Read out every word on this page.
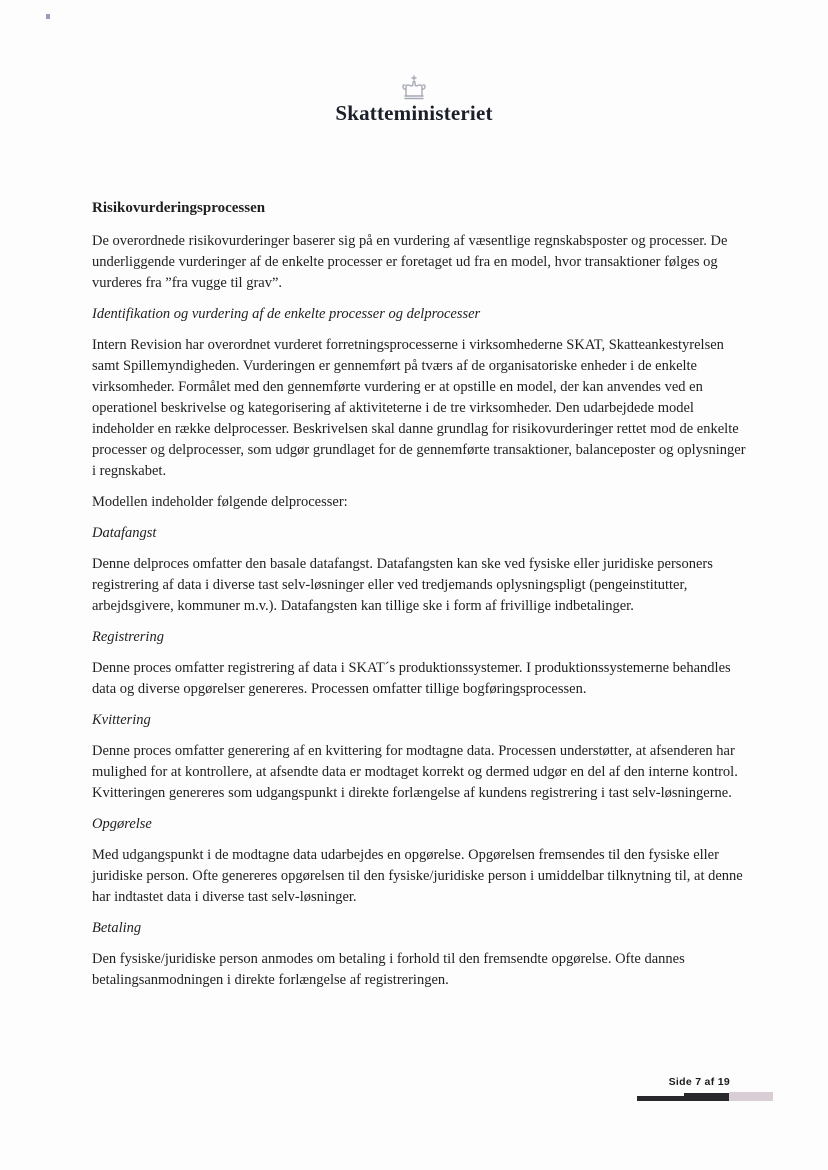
Skatteministeriet
Risikovurderingsprocessen

De overordnede risikovurderinger baserer sig på en vurdering af væsentlige regnskabsposter og processer. De underliggende vurderinger af de enkelte processer er foretaget ud fra en model, hvor transaktioner følges og vurderes fra ”fra vugge til grav”.

Identifikation og vurdering af de enkelte processer og delprocesser

Intern Revision har overordnet vurderet forretningsprocesserne i virksomhederne SKAT, Skatteankestyrelsen samt Spillemyndigheden. Vurderingen er gennemført på tværs af de organisatoriske enheder i de enkelte virksomheder. Formålet med den gennemførte vurdering er at opstille en model, der kan anvendes ved en operationel beskrivelse og kategorisering af aktiviteterne i de tre virksomheder. Den udarbejdede model indeholder en række delprocesser. Beskrivelsen skal danne grundlag for risikovurderinger rettet mod de enkelte processer og delprocesser, som udgør grundlaget for de gennemførte transaktioner, balanceposter og oplysninger i regnskabet.

Modellen indeholder følgende delprocesser:

Datafangst

Denne delproces omfatter den basale datafangst. Datafangsten kan ske ved fysiske eller juridiske personers registrering af data i diverse tast selv-løsninger eller ved tredjemands oplysningspligt (pengeinstitutter, arbejdsgivere, kommuner m.v.). Datafangsten kan tillige ske i form af frivillige indbetalinger.

Registrering

Denne proces omfatter registrering af data i SKAT´s produktionssystemer. I produktionssystemerne behandles data og diverse opgørelser genereres. Processen omfatter tillige bogføringsprocessen.

Kvittering

Denne proces omfatter generering af en kvittering for modtagne data. Processen understøtter, at afsenderen har mulighed for at kontrollere, at afsendte data er modtaget korrekt og dermed udgør en del af den interne kontrol. Kvitteringen genereres som udgangspunkt i direkte forlængelse af kundens registrering i tast selv-løsningerne.

Opgørelse

Med udgangspunkt i de modtagne data udarbejdes en opgørelse. Opgørelsen fremsendes til den fysiske eller juridiske person. Ofte genereres opgørelsen til den fysiske/juridiske person i umiddelbar tilknytning til, at denne har indtastet data i diverse tast selv-løsninger.

Betaling

Den fysiske/juridiske person anmodes om betaling i forhold til den fremsendte opgørelse. Ofte dannes betalingsanmodningen i direkte forlængelse af registreringen.

Side 7 af 19
